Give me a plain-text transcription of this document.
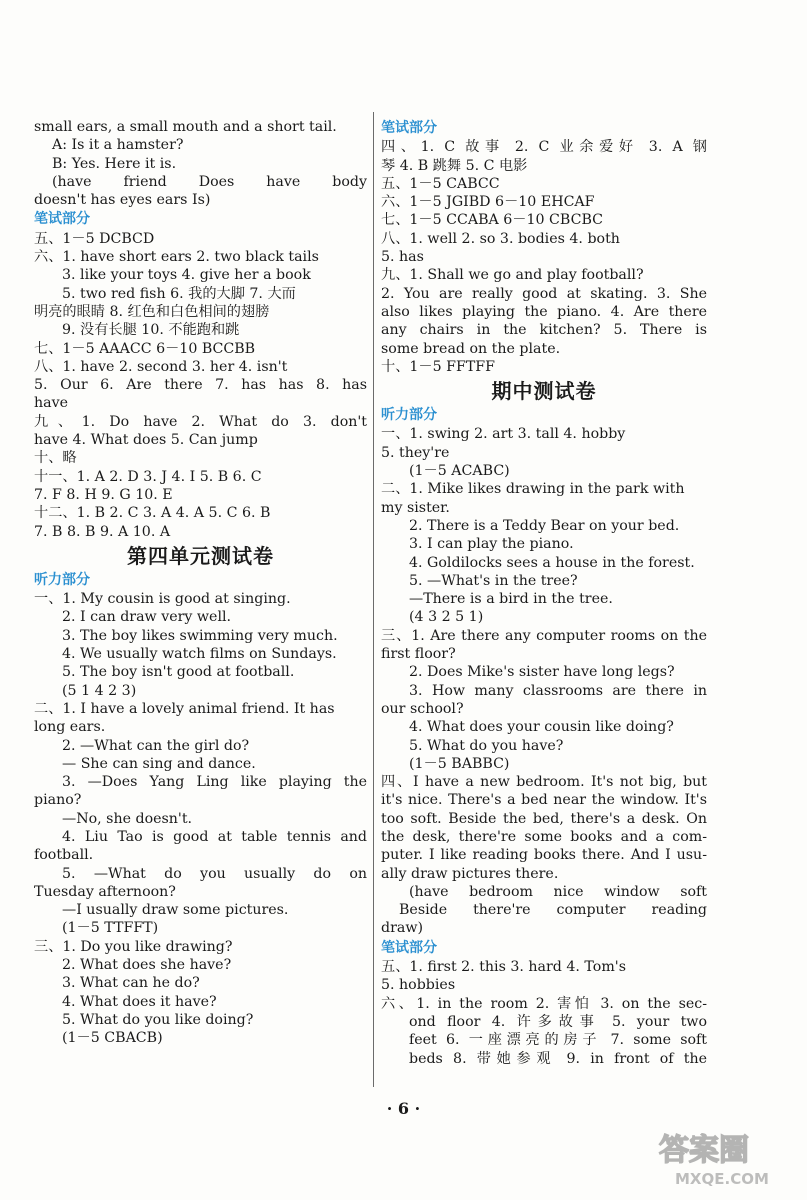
small ears, a small mouth and a short tail.
A: Is it a hamster?
B: Yes. Here it is.
(have friend Does have body
doesn't has eyes ears Is)
笔试部分
五、1－5 DCBCD
六、1. have short ears 2. two black tails
3. like your toys 4. give her a book
5. two red fish 6. 我的大脚 7. 大而
明亮的眼睛 8. 红色和白色相间的翅膀
9. 没有长腿 10. 不能跑和跳
七、1－5 AAACC 6－10 BCCBB
八、1. have 2. second 3. her 4. isn't
5. Our 6. Are there 7. has has 8. has
have
九、1. Do have 2. What do 3. don't
have 4. What does 5. Can jump
十、略
十一、1. A 2. D 3. J 4. I 5. B 6. C
7. F 8. H 9. G 10. E
十二、1. B 2. C 3. A 4. A 5. C 6. B
7. B 8. B 9. A 10. A
第四单元测试卷
听力部分
一、1. My cousin is good at singing.
2. I can draw very well.
3. The boy likes swimming very much.
4. We usually watch films on Sundays.
5. The boy isn't good at football.
(5 1 4 2 3)
二、1. I have a lovely animal friend. It has
long ears.
2. —What can the girl do?
— She can sing and dance.
3. —Does Yang Ling like playing the
piano?
—No, she doesn't.
4. Liu Tao is good at table tennis and
football.
5. —What do you usually do on
Tuesday afternoon?
—I usually draw some pictures.
(1－5 TTFFT)
三、1. Do you like drawing?
2. What does she have?
3. What can he do?
4. What does it have?
5. What do you like doing?
(1－5 CBACB)
笔试部分
四、1. C 故事 2. C 业余爱好 3. A 钢
琴 4. B 跳舞 5. C 电影
五、1－5 CABCC
六、1－5 JGIBD 6－10 EHCAF
七、1－5 CCABA 6－10 CBCBC
八、1. well 2. so 3. bodies 4. both
5. has
九、1. Shall we go and play football?
2. You are really good at skating. 3. She
also likes playing the piano. 4. Are there
any chairs in the kitchen? 5. There is
some bread on the plate.
十、1－5 FFTFF
期中测试卷
听力部分
一、1. swing 2. art 3. tall 4. hobby
5. they're
(1－5 ACABC)
二、1. Mike likes drawing in the park with
my sister.
2. There is a Teddy Bear on your bed.
3. I can play the piano.
4. Goldilocks sees a house in the forest.
5. —What's in the tree?
—There is a bird in the tree.
(4 3 2 5 1)
三、1. Are there any computer rooms on the
first floor?
2. Does Mike's sister have long legs?
3. How many classrooms are there in
our school?
4. What does your cousin like doing?
5. What do you have?
(1－5 BABBC)
四、I have a new bedroom. It's not big, but
it's nice. There's a bed near the window. It's
too soft. Beside the bed, there's a desk. On
the desk, there're some books and a com-
puter. I like reading books there. And I usu-
ally draw pictures there.
(have bedroom nice window soft
Beside there're computer reading
draw)
笔试部分
五、1. first 2. this 3. hard 4. Tom's
5. hobbies
六、1. in the room 2. 害怕 3. on the sec-
ond floor 4. 许多故事 5. your two
feet 6. 一座漂亮的房子 7. some soft
beds 8. 带她参观 9. in front of the
· 6 ·
答案圈
MXQE.COM
